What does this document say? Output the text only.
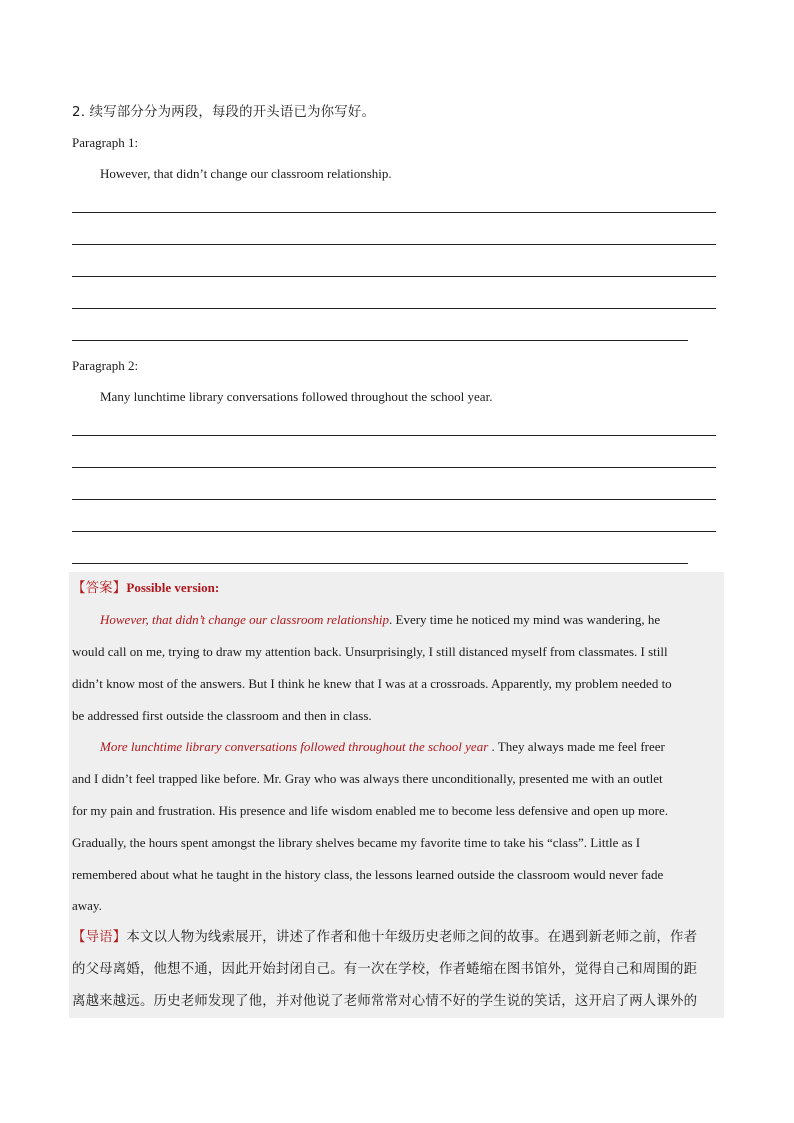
2. 续写部分分为两段，每段的开头语已为你写好。
Paragraph 1:
However, that didn’t change our classroom relationship.
Paragraph 2:
Many lunchtime library conversations followed throughout the school year.
【答案】Possible version:
However, that didn’t change our classroom relationship. Every time he noticed my mind was wandering, he
would call on me, trying to draw my attention back. Unsurprisingly, I still distanced myself from classmates. I still
didn’t know most of the answers. But I think he knew that I was at a crossroads. Apparently, my problem needed to
be addressed first outside the classroom and then in class.
More lunchtime library conversations followed throughout the school year . They always made me feel freer
and I didn’t feel trapped like before. Mr. Gray who was always there unconditionally, presented me with an outlet
for my pain and frustration. His presence and life wisdom enabled me to become less defensive and open up more.
Gradually, the hours spent amongst the library shelves became my favorite time to take his “class”. Little as I
remembered about what he taught in the history class, the lessons learned outside the classroom would never fade
away.
【导语】本文以人物为线索展开，讲述了作者和他十年级历史老师之间的故事。在遇到新老师之前，作者
的父母离婚，他想不通，因此开始封闭自己。有一次在学校，作者蜷缩在图书馆外，觉得自己和周围的距
离越来越远。历史老师发现了他，并对他说了老师常常对心情不好的学生说的笑话，这开启了两人课外的
